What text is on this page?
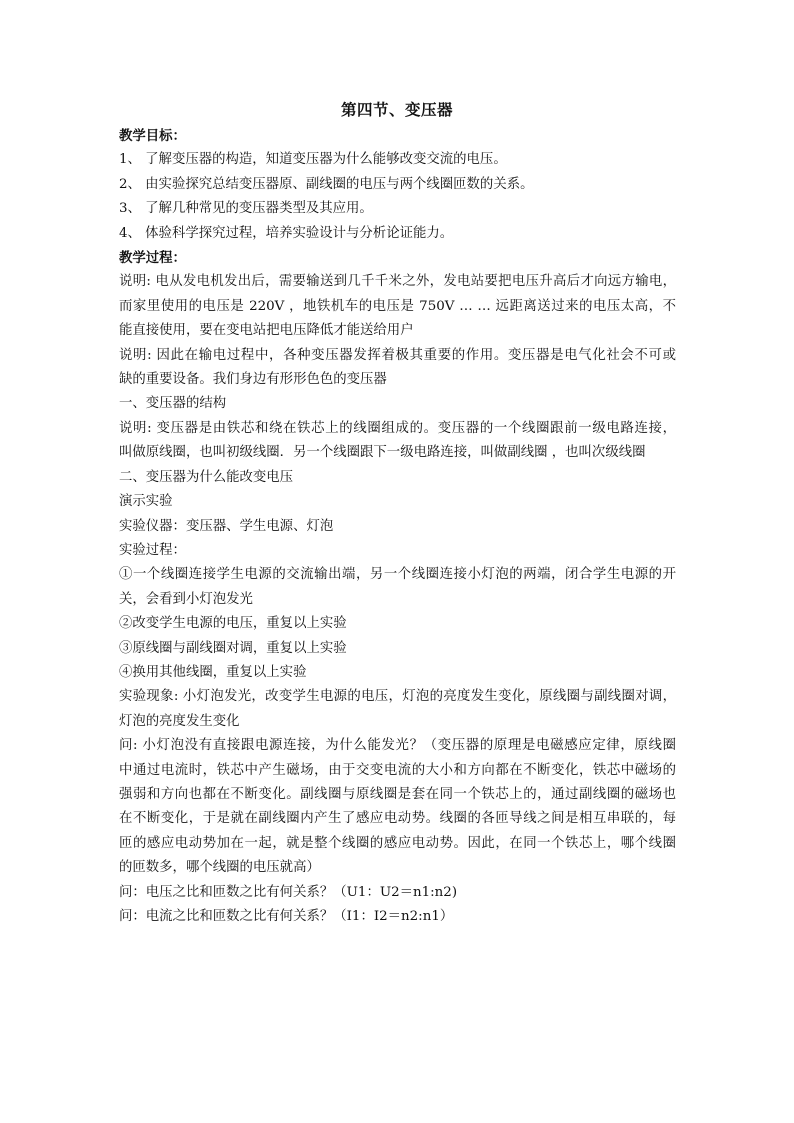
第四节、变压器

教学目标：

1、 了解变压器的构造，知道变压器为什么能够改变交流的电压。

2、 由实验探究总结变压器原、副线圈的电压与两个线圈匝数的关系。

3、 了解几种常见的变压器类型及其应用。

4、 体验科学探究过程，培养实验设计与分析论证能力。

教学过程：

说明: 电从发电机发出后，需要输送到几千千米之外，发电站要把电压升高后才向远方输电，

而家里使用的电压是 220V ，地铁机车的电压是 750V … … 远距离送过来的电压太高，不

能直接使用，要在变电站把电压降低才能送给用户

说明: 因此在输电过程中，各种变压器发挥着极其重要的作用。变压器是电气化社会不可或

缺的重要设备。我们身边有形形色色的变压器

一、变压器的结构

说明: 变压器是由铁芯和绕在铁芯上的线圈组成的。变压器的一个线圈跟前一级电路连接，

叫做原线圈，也叫初级线圈．另一个线圈跟下一级电路连接，叫做副线圈 ，也叫次级线圈

二、变压器为什么能改变电压

演示实验

实验仪器：变压器、学生电源、灯泡

实验过程：

①一个线圈连接学生电源的交流输出端，另一个线圈连接小灯泡的两端，闭合学生电源的开

关，会看到小灯泡发光

②改变学生电源的电压，重复以上实验

③原线圈与副线圈对调，重复以上实验

④换用其他线圈，重复以上实验

实验现象: 小灯泡发光，改变学生电源的电压，灯泡的亮度发生变化，原线圈与副线圈对调，

灯泡的亮度发生变化

问: 小灯泡没有直接跟电源连接，为什么能发光？（变压器的原理是电磁感应定律，原线圈

中通过电流时，铁芯中产生磁场，由于交变电流的大小和方向都在不断变化，铁芯中磁场的

强弱和方向也都在不断变化。副线圈与原线圈是套在同一个铁芯上的，通过副线圈的磁场也

在不断变化，于是就在副线圈内产生了感应电动势。线圈的各匝导线之间是相互串联的，每

匝的感应电动势加在一起，就是整个线圈的感应电动势。因此，在同一个铁芯上，哪个线圈

的匝数多，哪个线圈的电压就高）

问：电压之比和匝数之比有何关系？（U1：U2＝n1:n2)

问：电流之比和匝数之比有何关系？（I1：I2＝n2:n1）
